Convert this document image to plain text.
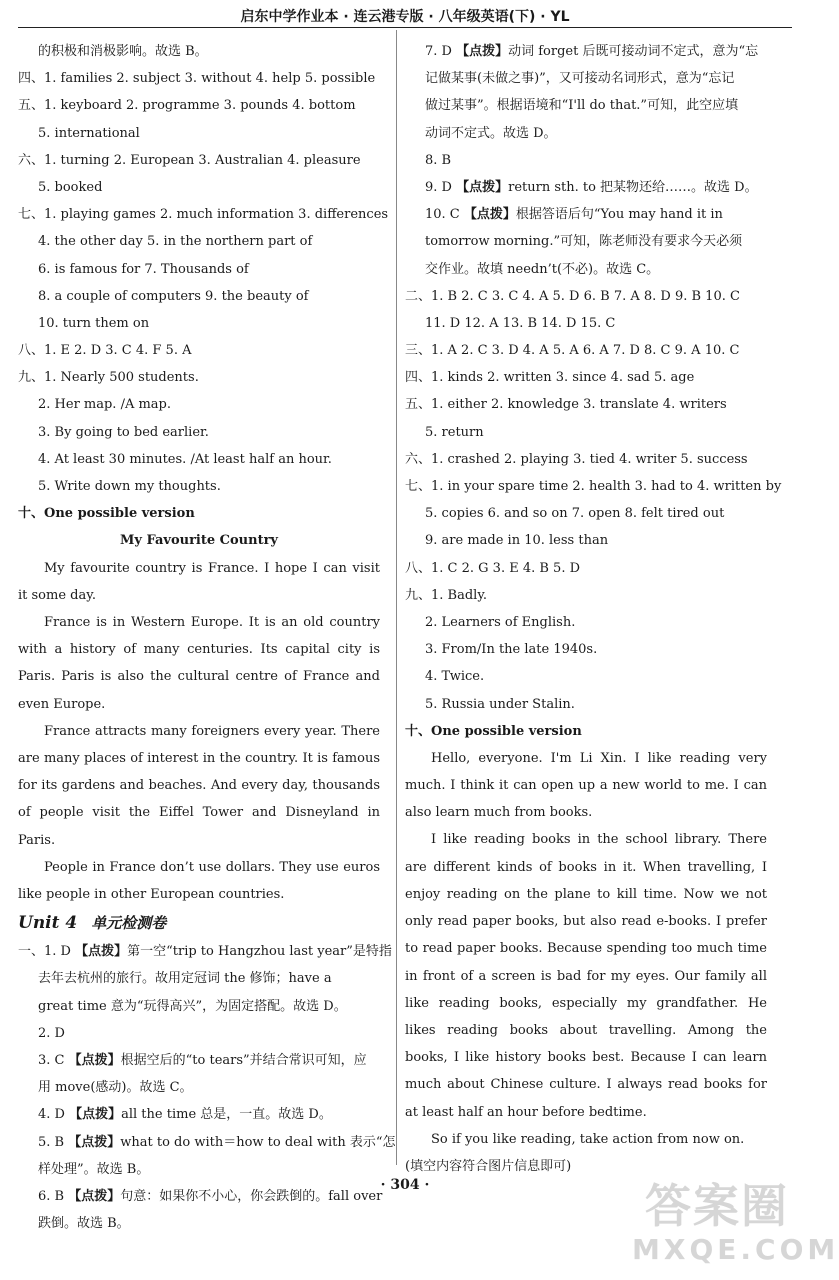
启东中学作业本 · 连云港专版 · 八年级英语(下) · YL
的积极和消极影响。故选 B。
四、1. families 2. subject 3. without 4. help 5. possible
五、1. keyboard 2. programme 3. pounds 4. bottom
5. international
六、1. turning 2. European 3. Australian 4. pleasure
5. booked
七、1. playing games 2. much information 3. differences
4. the other day 5. in the northern part of
6. is famous for 7. Thousands of
8. a couple of computers 9. the beauty of
10. turn them on
八、1. E 2. D 3. C 4. F 5. A
九、1. Nearly 500 students.
2. Her map. /A map.
3. By going to bed earlier.
4. At least 30 minutes. /At least half an hour.
5. Write down my thoughts.
十、One possible version
My Favourite Country

My favourite country is France. I hope I can visit it some day.

France is in Western Europe. It is an old country with a history of many centuries. Its capital city is Paris. Paris is also the cultural centre of France and even Europe.

France attracts many foreigners every year. There are many places of interest in the country. It is famous for its gardens and beaches. And every day, thousands of people visit the Eiffel Tower and Disneyland in Paris.

People in France don’t use dollars. They use euros like people in other European countries.

Unit 4 单元检测卷
一、1. D 【点拨】第一空“trip to Hangzhou last year”是特指
去年去杭州的旅行。故用定冠词 the 修饰；have a
great time 意为“玩得高兴”，为固定搭配。故选 D。
2. D
3. C 【点拨】根据空后的“to tears”并结合常识可知，应
用 move(感动)。故选 C。
4. D 【点拨】all the time 总是，一直。故选 D。
5. B 【点拨】what to do with＝how to deal with 表示“怎
样处理”。故选 B。
6. B 【点拨】句意：如果你不小心，你会跌倒的。fall over
跌倒。故选 B。
7. D 【点拨】动词 forget 后既可接动词不定式，意为“忘
记做某事(未做之事)”，又可接动名词形式，意为“忘记
做过某事”。根据语境和“I'll do that.”可知，此空应填
动词不定式。故选 D。
8. B
9. D 【点拨】return sth. to 把某物还给……。故选 D。
10. C 【点拨】根据答语后句“You may hand it in
tomorrow morning.”可知，陈老师没有要求今天必须
交作业。故填 needn’t(不必)。故选 C。
二、1. B 2. C 3. C 4. A 5. D 6. B 7. A 8. D 9. B 10. C
11. D 12. A 13. B 14. D 15. C
三、1. A 2. C 3. D 4. A 5. A 6. A 7. D 8. C 9. A 10. C
四、1. kinds 2. written 3. since 4. sad 5. age
五、1. either 2. knowledge 3. translate 4. writers
5. return
六、1. crashed 2. playing 3. tied 4. writer 5. success
七、1. in your spare time 2. health 3. had to 4. written by
5. copies 6. and so on 7. open 8. felt tired out
9. are made in 10. less than
八、1. C 2. G 3. E 4. B 5. D
九、1. Badly.
2. Learners of English.
3. From/In the late 1940s.
4. Twice.
5. Russia under Stalin.
十、One possible version

Hello, everyone. I'm Li Xin. I like reading very much. I think it can open up a new world to me. I can also learn much from books.

I like reading books in the school library. There are different kinds of books in it. When travelling, I enjoy reading on the plane to kill time. Now we not only read paper books, but also read e-books. I prefer to read paper books. Because spending too much time in front of a screen is bad for my eyes. Our family all like reading books, especially my grandfather. He likes reading books about travelling. Among the books, I like history books best. Because I can learn much about Chinese culture. I always read books for at least half an hour before bedtime.

So if you like reading, take action from now on.

(填空内容符合图片信息即可)
· 304 ·	答案圈
MXQE.COM
